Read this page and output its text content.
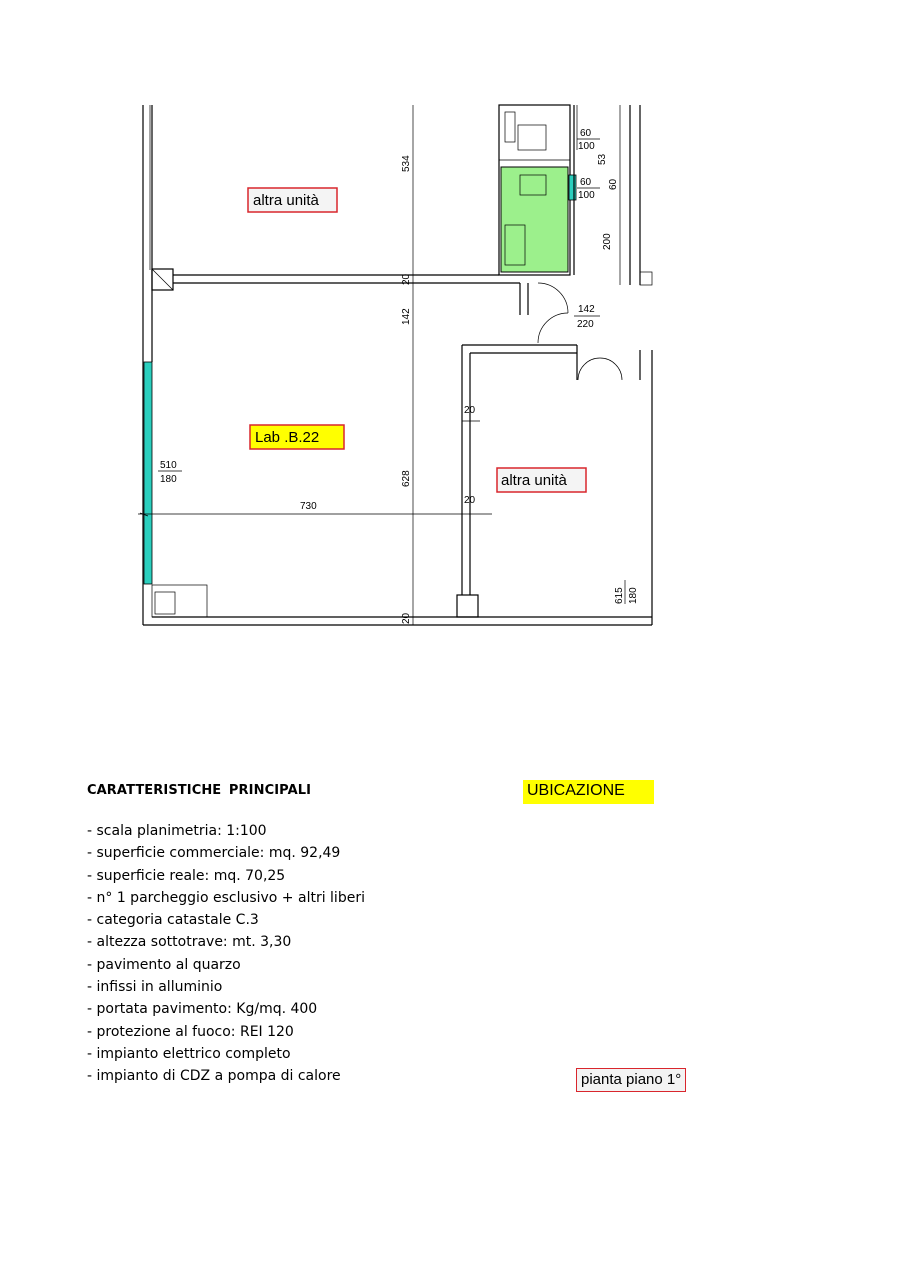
altra unità
Lab .B.22
altra unità
534
20
142
628
20
20
20
730
510
180
60
100
60
100
53
60
200
142
220
615 180
CARATTERISTICHE PRINCIPALI
- scala planimetria: 1:100
- superficie commerciale: mq. 92,49
- superficie reale: mq. 70,25
- n° 1 parcheggio esclusivo + altri liberi
- categoria catastale C.3
- altezza sottotrave: mt. 3,30
- pavimento al quarzo
- infissi in alluminio
- portata pavimento: Kg/mq. 400
- protezione al fuoco: REI 120
- impianto elettrico completo
- impianto di CDZ a pompa di calore
UBICAZIONE
pianta piano 1°
